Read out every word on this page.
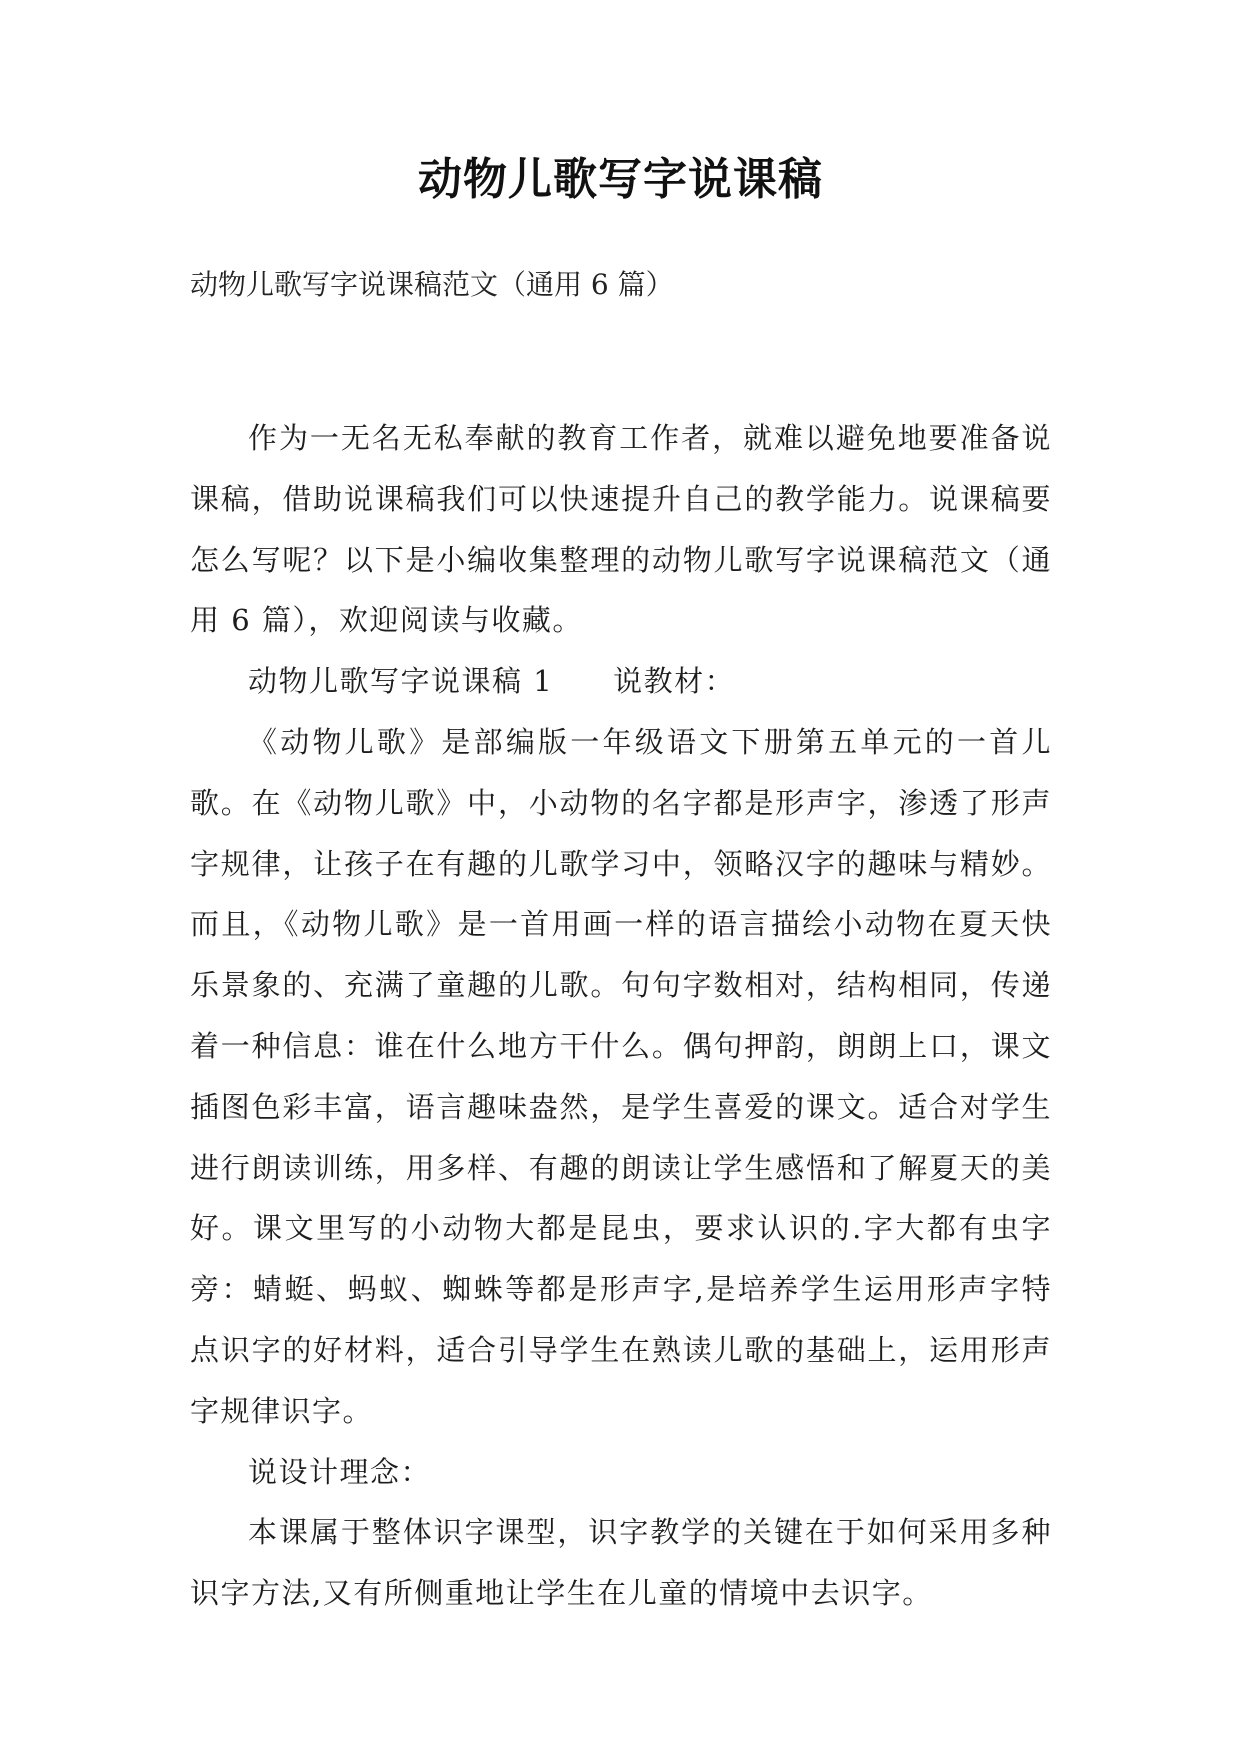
动物儿歌写字说课稿

动物儿歌写字说课稿范文（通用 6 篇）

作为一无名无私奉献的教育工作者，就难以避免地要准备说课稿，借助说课稿我们可以快速提升自己的教学能力。说课稿要怎么写呢？以下是小编收集整理的动物儿歌写字说课稿范文（通用 6 篇），欢迎阅读与收藏。

动物儿歌写字说课稿 1 说教材：

《动物儿歌》是部编版一年级语文下册第五单元的一首儿歌。在《动物儿歌》中，小动物的名字都是形声字，渗透了形声字规律，让孩子在有趣的儿歌学习中，领略汉字的趣味与精妙。而且，《动物儿歌》是一首用画一样的语言描绘小动物在夏天快乐景象的、充满了童趣的儿歌。句句字数相对，结构相同，传递着一种信息：谁在什么地方干什么。偶句押韵，朗朗上口，课文插图色彩丰富，语言趣味盎然，是学生喜爱的课文。适合对学生进行朗读训练，用多样、有趣的朗读让学生感悟和了解夏天的美好。课文里写的小动物大都是昆虫，要求认识的.字大都有虫字旁：蜻蜓、蚂蚁、蜘蛛等都是形声字,是培养学生运用形声字特点识字的好材料，适合引导学生在熟读儿歌的基础上，运用形声字规律识字。

说设计理念：

本课属于整体识字课型，识字教学的关键在于如何采用多种识字方法,又有所侧重地让学生在儿童的情境中去识字。
